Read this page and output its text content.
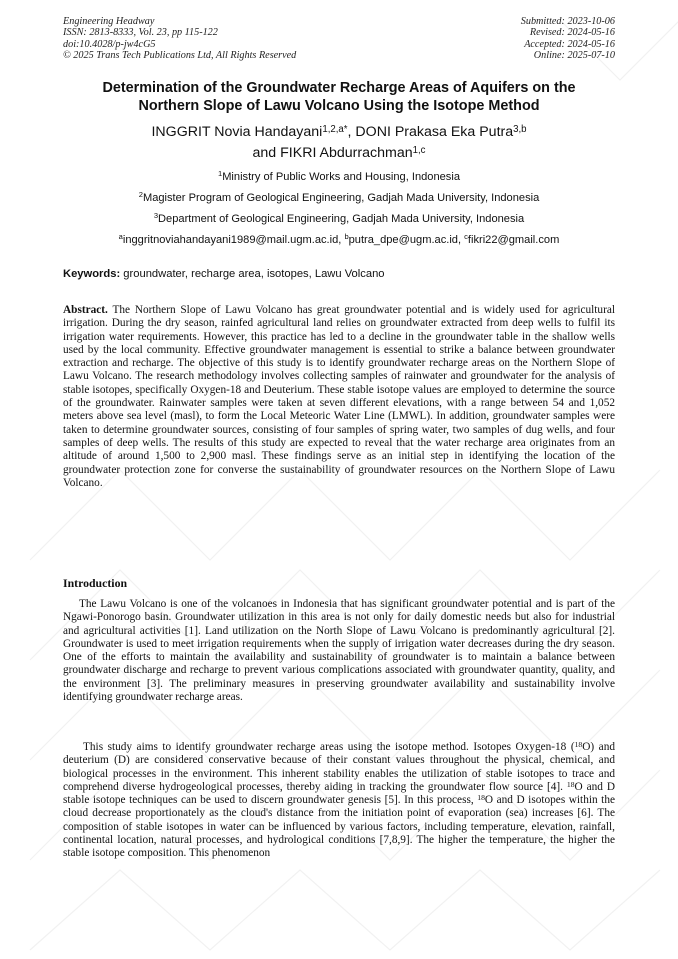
Engineering Headway
ISSN: 2813-8333, Vol. 23, pp 115-122
doi:10.4028/p-jw4cG5
© 2025 Trans Tech Publications Ltd, All Rights Reserved
Submitted: 2023-10-06
Revised: 2024-05-16
Accepted: 2024-05-16
Online: 2025-07-10
Determination of the Groundwater Recharge Areas of Aquifers on the
Northern Slope of Lawu Volcano Using the Isotope Method
INGGRIT Novia Handayani$^{1,2,a*}$, DONI Prakasa Eka Putra$^{3,b}$
and FIKRI Abdurrachman$^{1,c}$
$^1$Ministry of Public Works and Housing, Indonesia
$^2$Magister Program of Geological Engineering, Gadjah Mada University, Indonesia
$^3$Department of Geological Engineering, Gadjah Mada University, Indonesia
$^a$inggritnoviahandayani1989@mail.ugm.ac.id, $^b$putra_dpe@ugm.ac.id, $^c$fikri22@gmail.com
Keywords: groundwater, recharge area, isotopes, Lawu Volcano
Abstract. The Northern Slope of Lawu Volcano has great groundwater potential and is widely used for agricultural irrigation. During the dry season, rainfed agricultural land relies on groundwater extracted from deep wells to fulfil its irrigation water requirements. However, this practice has led to a decline in the groundwater table in the shallow wells used by the local community. Effective groundwater management is essential to strike a balance between groundwater extraction and recharge. The objective of this study is to identify groundwater recharge areas on the Northern Slope of Lawu Volcano. The research methodology involves collecting samples of rainwater and groundwater for the analysis of stable isotopes, specifically Oxygen-18 and Deuterium. These stable isotope values are employed to determine the source of the groundwater. Rainwater samples were taken at seven different elevations, with a range between 54 and 1,052 meters above sea level (masl), to form the Local Meteoric Water Line (LMWL). In addition, groundwater samples were taken to determine groundwater sources, consisting of four samples of spring water, two samples of dug wells, and four samples of deep wells. The results of this study are expected to reveal that the water recharge area originates from an altitude of around 1,500 to 2,900 masl. These findings serve as an initial step in identifying the location of the groundwater protection zone for converse the sustainability of groundwater resources on the Northern Slope of Lawu Volcano.
Introduction
The Lawu Volcano is one of the volcanoes in Indonesia that has significant groundwater potential and is part of the Ngawi-Ponorogo basin. Groundwater utilization in this area is not only for daily domestic needs but also for industrial and agricultural activities [1]. Land utilization on the North Slope of Lawu Volcano is predominantly agricultural [2]. Groundwater is used to meet irrigation requirements when the supply of irrigation water decreases during the dry season. One of the efforts to maintain the availability and sustainability of groundwater is to maintain a balance between groundwater discharge and recharge to prevent various complications associated with groundwater quantity, quality, and the environment [3]. The preliminary measures in preserving groundwater availability and sustainability involve identifying groundwater recharge areas.
This study aims to identify groundwater recharge areas using the isotope method. Isotopes Oxygen-18 ($^{18}$O) and deuterium (D) are considered conservative because of their constant values throughout the physical, chemical, and biological processes in the environment. This inherent stability enables the utilization of stable isotopes to trace and comprehend diverse hydrogeological processes, thereby aiding in tracking the groundwater flow source [4]. $^{18}$O and D stable isotope techniques can be used to discern groundwater genesis [5]. In this process, $^{18}$O and D isotopes within the cloud decrease proportionately as the cloud's distance from the initiation point of evaporation (sea) increases [6]. The composition of stable isotopes in water can be influenced by various factors, including temperature, elevation, rainfall, continental location, natural processes, and hydrological conditions [7,8,9]. The higher the temperature, the higher the stable isotope composition. This phenomenon
